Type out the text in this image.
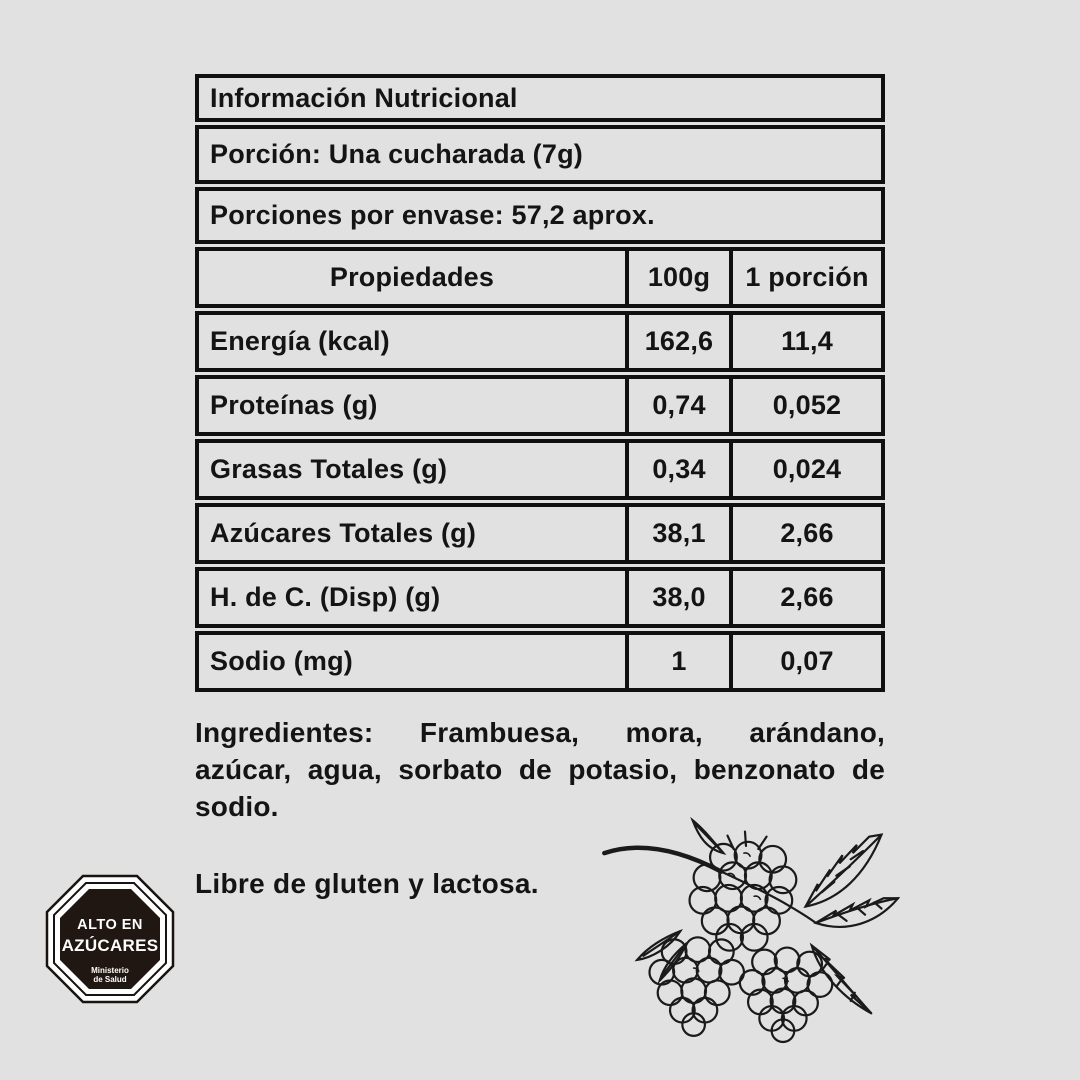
Información Nutricional
Porción: Una cucharada (7g)
Porciones por envase: 57,2 aprox.
Propiedades	100g	1 porción
Energía (kcal)	162,6	11,4
Proteínas (g)	0,74	0,052
Grasas Totales (g)	0,34	0,024
Azúcares Totales (g)	38,1	2,66
H. de C. (Disp) (g)	38,0	2,66
Sodio (mg)	1	0,07
Ingredientes: Frambuesa, mora, arándano,
azúcar, agua, sorbato de potasio, benzonato de
sodio.
Libre de gluten y lactosa.
ALTO EN
AZÚCARES
Ministerio
de Salud
